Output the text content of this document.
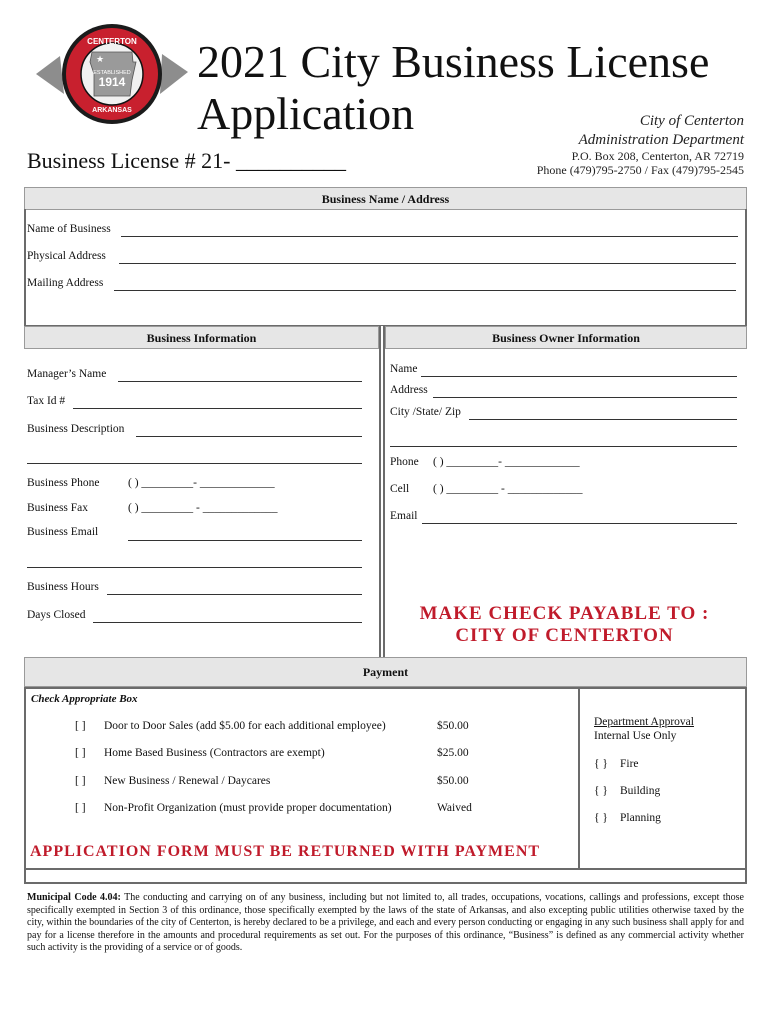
★
ESTABLISHED
1914
CENTERTON
ARKANSAS
2021 City Business License
Application	City of Centerton
Administration Department
P.O. Box 208, Centerton, AR 72719
Phone (479)795-2750 / Fax (479)795-2545
Business License # 21- __________
Business Name / Address
Name of Business
Physical Address
Mailing Address
Business Information	Business Owner Information
Manager’s Name
Tax Id #
Business Description
Business Phone ( ) _________- _____________
Business Fax	( ) _________ - _____________
Business Email
Business Hours
Days Closed
Name
Address
City /State/ Zip
Phone ( ) _________- _____________
Cell ( ) _________ - _____________
Email
MAKE CHECK PAYABLE TO :
CITY OF CENTERTON
Payment
Check Appropriate Box
[ ] Door to Door Sales (add $5.00 for each additional employee)	$50.00
[ ] Home Based Business (Contractors are exempt)	$25.00
[ ] New Business / Renewal / Daycares	$50.00
[ ] Non-Profit Organization (must provide proper documentation)	Waived
Department Approval
Internal Use Only
{ } Fire
{ } Building
{ } Planning
APPLICATION FORM MUST BE RETURNED WITH PAYMENT
Municipal Code 4.04: The conducting and carrying on of any business, including but not limited to, all trades, occupations, vocations, callings and professions, except those specifically exempted in Section 3 of this ordinance, those specifically exempted by the laws of the state of Arkansas, and also excepting public utilities otherwise taxed by the city, within the boundaries of the city of Centerton, is hereby declared to be a privilege, and each and every person conducting or engaging in any such business shall apply for and pay for a license therefore in the amounts and procedural requirements as set out. For the purposes of this ordinance, “Business” is defined as any commercial activity whether such activity is the providing of a service or of goods.
